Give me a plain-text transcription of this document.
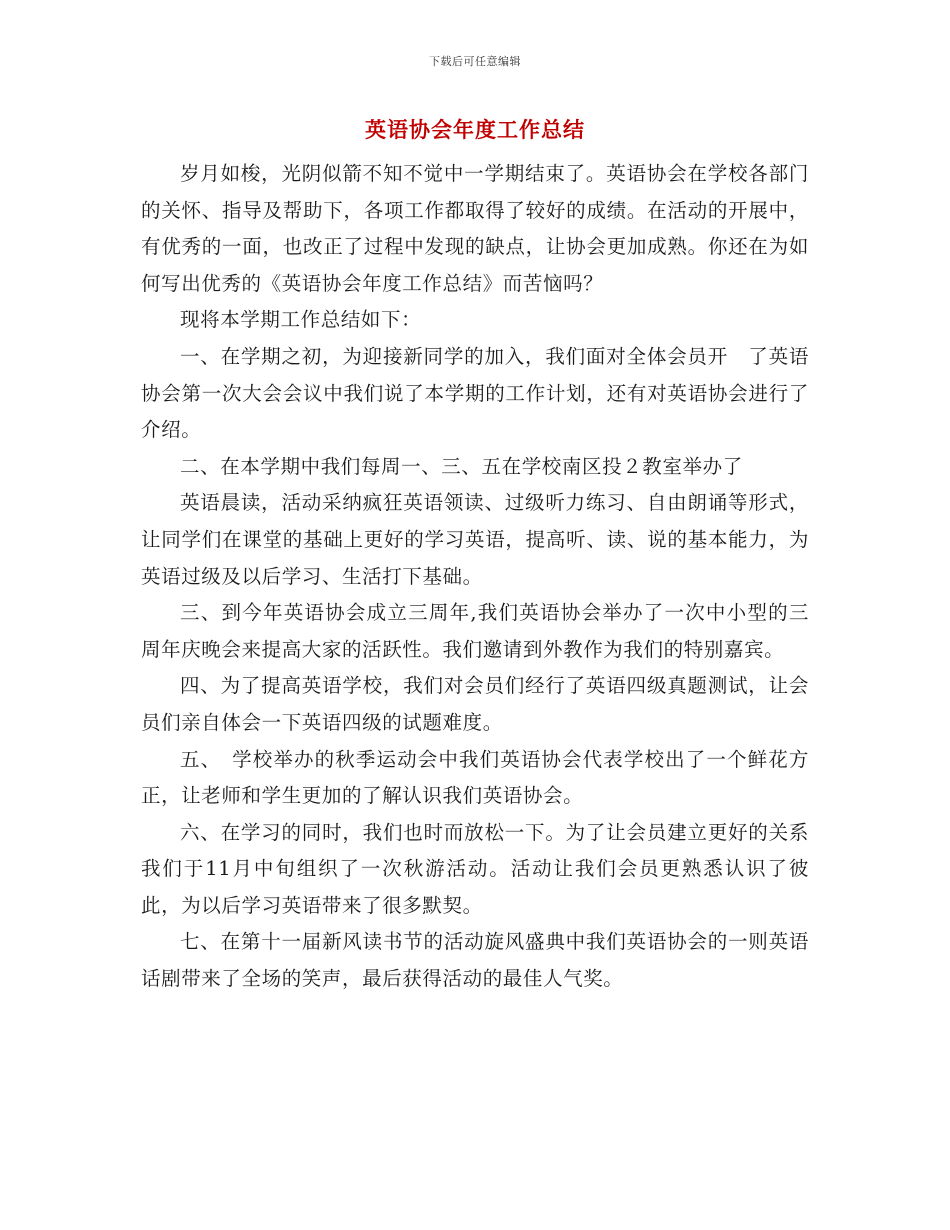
下载后可任意编辑
英语协会年度工作总结

岁月如梭，光阴似箭不知不觉中一学期结束了。英语协会在学校各部门的关怀、指导及帮助下，各项工作都取得了较好的成绩。在活动的开展中，有优秀的一面，也改正了过程中发现的缺点，让协会更加成熟。你还在为如何写出优秀的《英语协会年度工作总结》而苦恼吗？

现将本学期工作总结如下：

一、在学期之初，为迎接新同学的加入，我们面对全体会员开　了英语协会第一次大会会议中我们说了本学期的工作计划，还有对英语协会进行了介绍。

二、在本学期中我们每周一、三、五在学校南区投２教室举办了

英语晨读，活动采纳疯狂英语领读、过级听力练习、自由朗诵等形式，让同学们在课堂的基础上更好的学习英语，提高听、读、说的基本能力，为英语过级及以后学习、生活打下基础。

三、到今年英语协会成立三周年,我们英语协会举办了一次中小型的三周年庆晚会来提高大家的活跃性。我们邀请到外教作为我们的特别嘉宾。

四、为了提高英语学校，我们对会员们经行了英语四级真题测试，让会员们亲自体会一下英语四级的试题难度。

五、　学校举办的秋季运动会中我们英语协会代表学校出了一个鲜花方正，让老师和学生更加的了解认识我们英语协会。

六、在学习的同时，我们也时而放松一下。为了让会员建立更好的关系我们于11月中旬组织了一次秋游活动。活动让我们会员更熟悉认识了彼此，为以后学习英语带来了很多默契。

七、在第十一届新风读书节的活动旋风盛典中我们英语协会的一则英语话剧带来了全场的笑声，最后获得活动的最佳人气奖。
